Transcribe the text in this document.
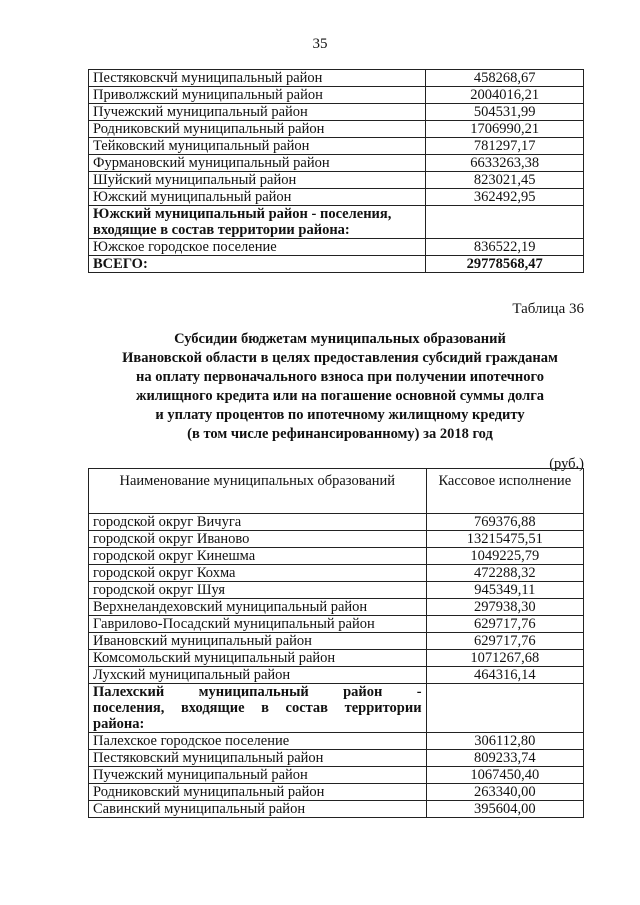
35
Пестяковскчй муниципальный район	458268,67
Приволжский муниципальный район	2004016,21
Пучежский муниципальный район	504531,99
Родниковский муниципальный район	1706990,21
Тейковский муниципальный район	781297,17
Фурмановский муниципальный район	6633263,38
Шуйский муниципальный район	823021,45
Южский муниципальный район	362492,95
Южский муниципальный район - поселения, входящие в состав территории района:	
Южское городское поселение	836522,19
ВСЕГО:	29778568,47
Таблица 36
Субсидии бюджетам муниципальных образований
Ивановской области в целях предоставления субсидий гражданам
на оплату первоначального взноса при получении ипотечного
жилищного кредита или на погашение основной суммы долга
и уплату процентов по ипотечному жилищному кредиту
(в том числе рефинансированному) за 2018 год
(руб.)
Наименование муниципальных образований	Кассовое исполнение
городской округ Вичуга	769376,88
городской округ Иваново	13215475,51
городской округ Кинешма	1049225,79
городской округ Кохма	472288,32
городской округ Шуя	945349,11
Верхнеландеховский муниципальный район	297938,30
Гаврилово-Посадский муниципальный район	629717,76
Ивановский муниципальный район	629717,76
Комсомольский муниципальный район	1071267,68
Лухский муниципальный район	464316,14

Палехский муниципальный район -
поселения, входящие в состав территории
района:	

Палехское городское поселение	306112,80
Пестяковский муниципальный район	809233,74
Пучежский муниципальный район	1067450,40
Родниковский муниципальный район	263340,00
Савинский муниципальный район	395604,00
